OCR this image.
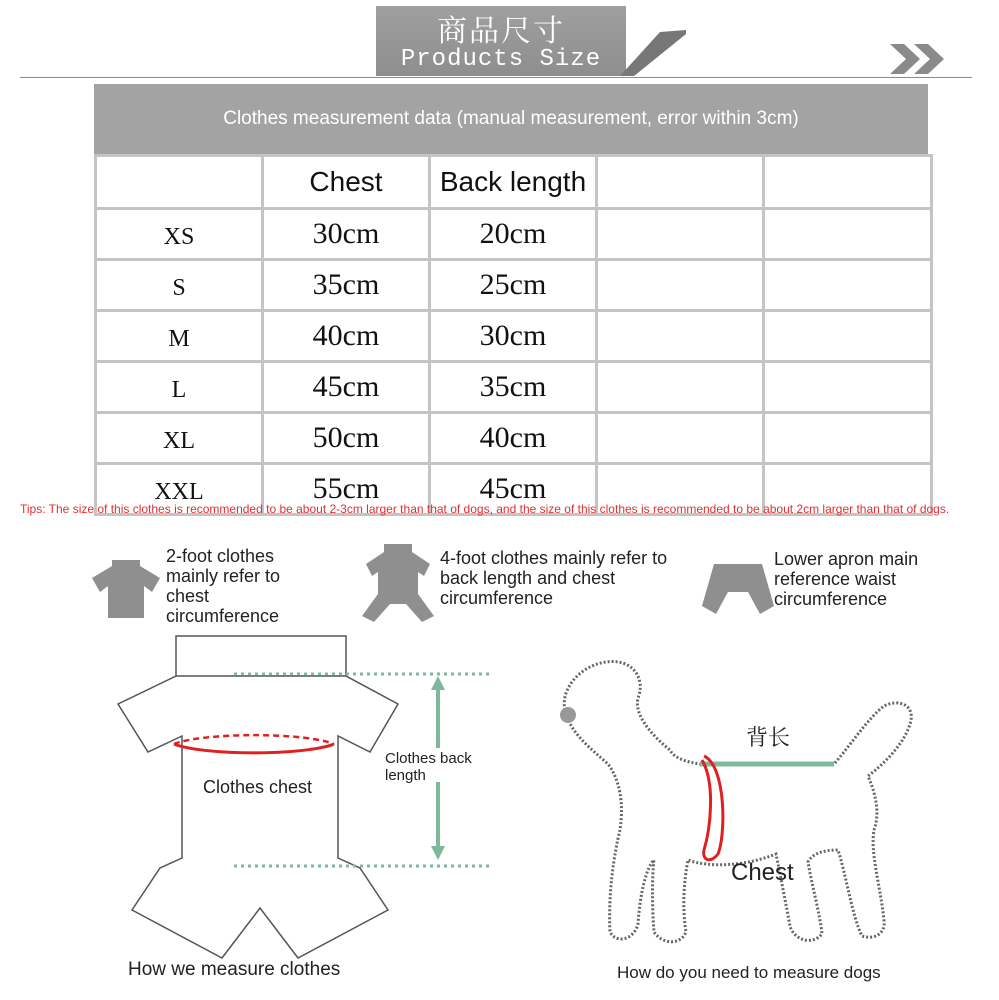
商品尺寸
Products Size
Clothes measurement data (manual measurement, error within 3cm)
	Chest	Back length		
XS	30cm	20cm		
S	35cm	25cm		
M	40cm	30cm		
L	45cm	35cm		
XL	50cm	40cm		
XXL	55cm	45cm		
Tips: The size of this clothes is recommended to be about 2-3cm larger than that of dogs, and the size of this clothes is recommended to be about 2cm larger than that of dogs.
2-foot clothes mainly refer to chest circumference
4-foot clothes mainly refer to back length and chest circumference
Lower apron main reference waist circumference
Clothes chest
Clothes back length
How we measure clothes
背长
Chest
How do you need to measure dogs
